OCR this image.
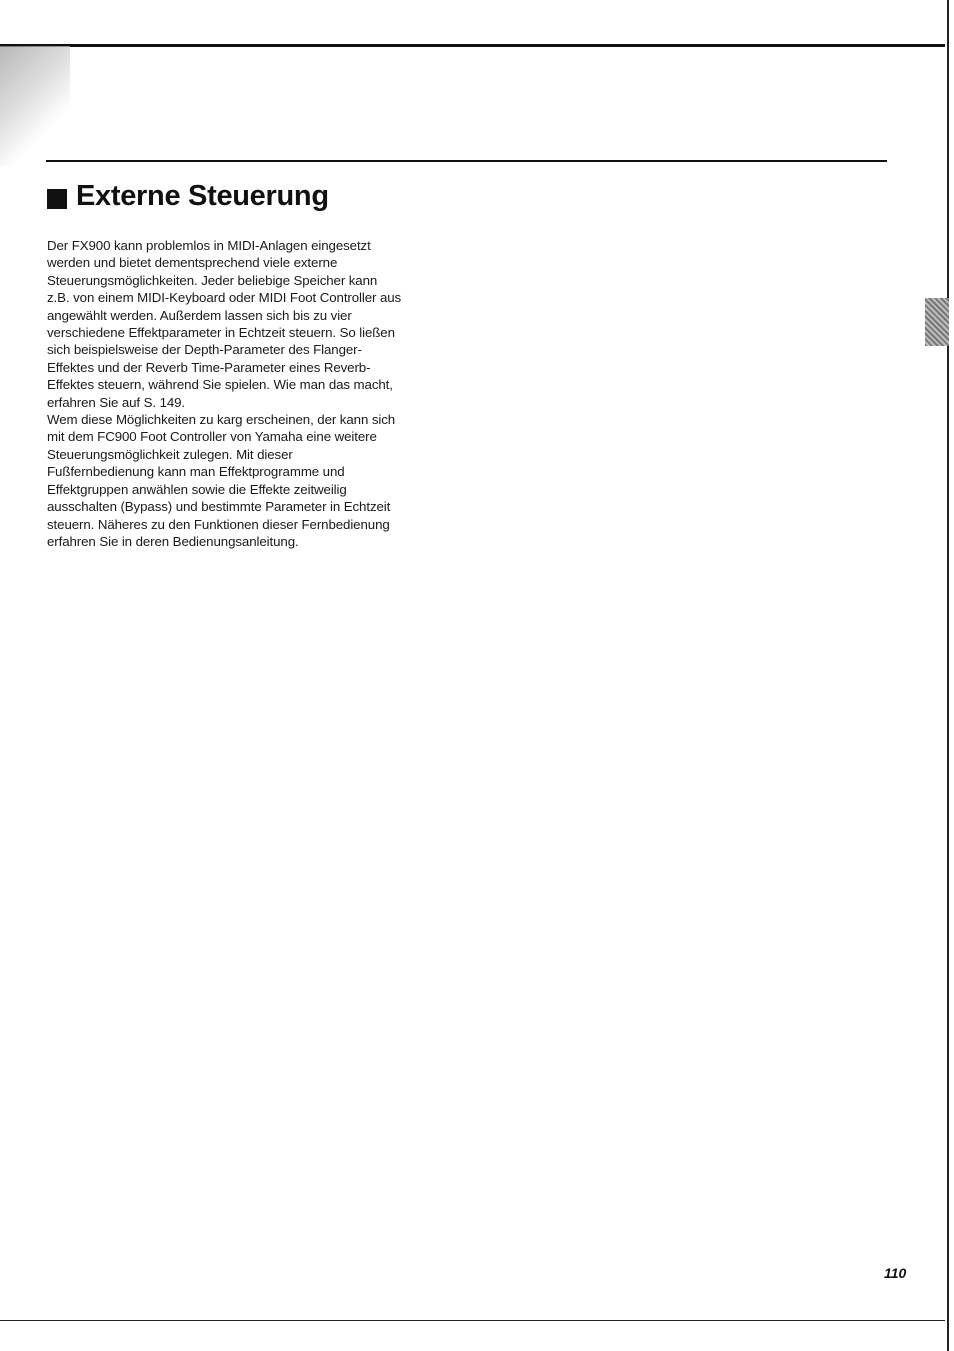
Externe Steuerung
Der FX900 kann problemlos in MIDI-Anlagen eingesetzt
werden und bietet dementsprechend viele externe
Steuerungsmöglichkeiten. Jeder beliebige Speicher kann
z.B. von einem MIDI-Keyboard oder MIDI Foot Controller aus
angewählt werden. Außerdem lassen sich bis zu vier
verschiedene Effektparameter in Echtzeit steuern. So ließen
sich beispielsweise der Depth-Parameter des Flanger-
Effektes und der Reverb Time-Parameter eines Reverb-
Effektes steuern, während Sie spielen. Wie man das macht,
erfahren Sie auf S. 149.
Wem diese Möglichkeiten zu karg erscheinen, der kann sich
mit dem FC900 Foot Controller von Yamaha eine weitere
Steuerungsmöglichkeit zulegen. Mit dieser
Fußfernbedienung kann man Effektprogramme und
Effektgruppen anwählen sowie die Effekte zeitweilig
ausschalten (Bypass) und bestimmte Parameter in Echtzeit
steuern. Näheres zu den Funktionen dieser Fernbedienung
erfahren Sie in deren Bedienungsanleitung.
110
